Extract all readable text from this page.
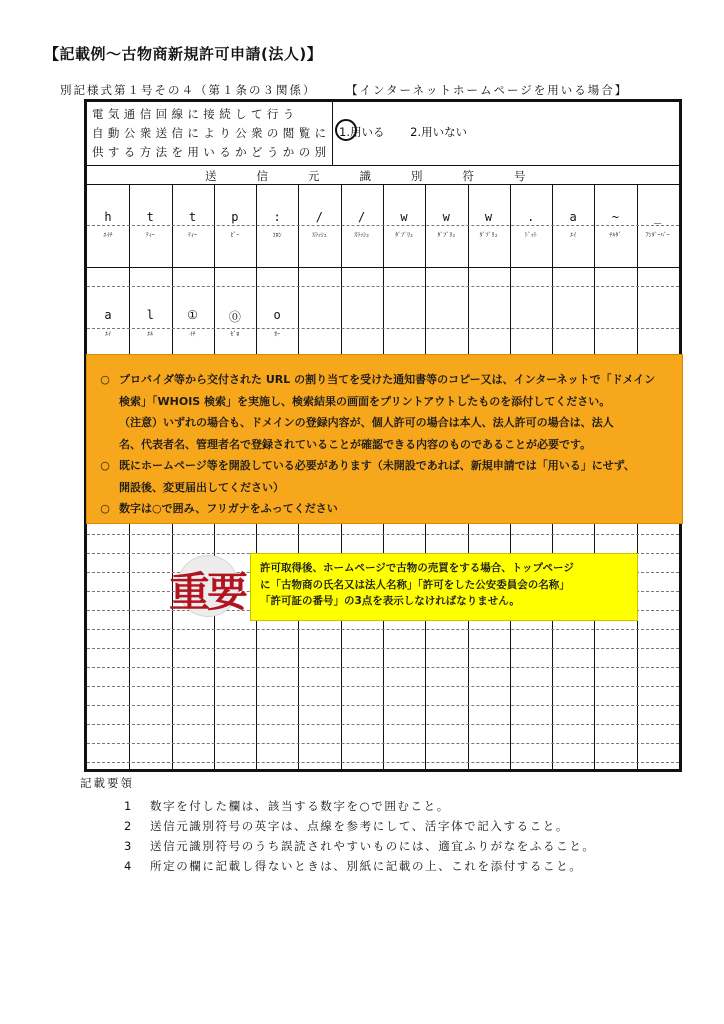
【記載例～古物商新規許可申請(法人)】
別記様式第１号その４（第１条の３関係）	【インターネットホームページを用いる場合】
電気通信回線に接続して行う
自動公衆送信により公衆の閲覧に
供する方法を用いるかどうかの別
1.用いる 2.用いない
送信元識別符号
h	t	t	p	:	/	/	w	w	w	.	a	~	_
ｴｲﾁ	ﾃｨｰ	ﾃｨｰ	ﾋﾟｰ	ｺﾛﾝ	ｽﾗｯｼｭ	ｽﾗｯｼｭ	ﾀﾞﾌﾞﾘｭ	ﾀﾞﾌﾞﾘｭ	ﾀﾞﾌﾞﾘｭ	ﾄﾞｯﾄ	ｴｲ	ﾁﾙﾀﾞ	ｱﾝﾀﾞｰﾊﾞｰ
a	l	①	⓪	o
ｴｲ	ｴﾙ	ｲﾁ	ｾﾞﾛ	ｵｰ
○ プロバイダ等から交付された URL の割り当てを受けた通知書等のコピー又は、インターネットで「ドメイン
検索」「WHOIS 検索」を実施し、検索結果の画面をプリントアウトしたものを添付してください。
（注意）いずれの場合も、ドメインの登録内容が、個人許可の場合は本人、法人許可の場合は、法人
名、代表者名、管理者名で登録されていることが確認できる内容のものであることが必要です。
○ 既にホームページ等を開設している必要があります（未開設であれば、新規申請では「用いる」にせず、
開設後、変更届出してください）
○ 数字は○で囲み、フリガナをふってください
重要 許可取得後、ホームページで古物の売買をする場合、トップページ
に「古物商の氏名又は法人名称」「許可をした公安委員会の名称」
「許可証の番号」の3点を表示しなければなりません。
記載要領
1 数字を付した欄は、該当する数字を○で囲むこと。
2 送信元識別符号の英字は、点線を参考にして、活字体で記入すること。
3 送信元識別符号のうち誤読されやすいものには、適宜ふりがなをふること。
4 所定の欄に記載し得ないときは、別紙に記載の上、これを添付すること。
